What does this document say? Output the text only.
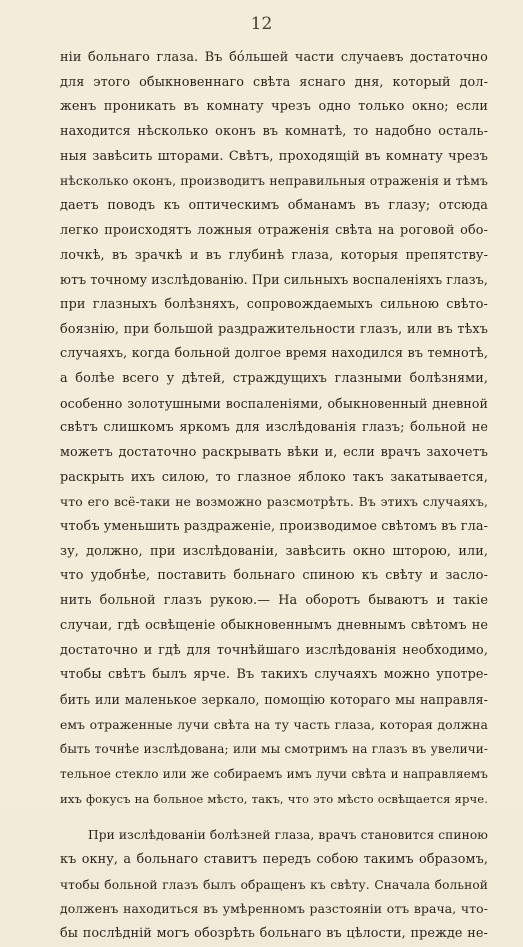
12
ніи больнаго глаза. Въ бóльшей части случаевъ достаточно
для этого обыкновеннаго свѣта яснаго дня, который дол-
женъ проникать въ комнату чрезъ одно только окно; если
находится нѣсколько оконъ въ комнатѣ, то надобно осталь-
ныя завѣсить шторами. Свѣтъ, проходящій въ комнату чрезъ
нѣсколько оконъ, производитъ неправильныя отраженія и тѣмъ
даетъ поводъ къ оптическимъ обманамъ въ глазу; отсюда
легко происходятъ ложныя отраженія свѣта на роговой обо-
лочкѣ, въ зрачкѣ и въ глубинѣ глаза, которыя препятству-
ютъ точному изслѣдованію. При сильныхъ воспаленіяхъ глазъ,
при глазныхъ болѣзняхъ, сопровождаемыхъ сильною свѣто-
боязнію, при большой раздражительности глазъ, или въ тѣхъ
случаяхъ, когда больной долгое время находился въ темнотѣ,
а болѣе всего у дѣтей, страждущихъ глазными болѣзнями,
особенно золотушными воспаленіями, обыкновенный дневной
свѣтъ слишкомъ яркомъ для изслѣдованія глазъ; больной не
можетъ достаточно раскрывать вѣки и, если врачъ захочетъ
раскрыть ихъ силою, то глазное яблоко такъ закатывается,
что его всё-таки не возможно разсмотрѣть. Въ этихъ случаяхъ,
чтобъ уменьшить раздраженіе, производимое свѣтомъ въ гла-
зу, должно, при изслѣдованіи, завѣсить окно шторою, или,
что удобнѣе, поставить больнаго спиною къ свѣту и засло-
нить больной глазъ рукою.— На оборотъ бываютъ и такіе
случаи, гдѣ освѣщеніе обыкновеннымъ дневнымъ свѣтомъ не
достаточно и гдѣ для точнѣйшаго изслѣдованія необходимо,
чтобы свѣтъ былъ ярче. Въ такихъ случаяхъ можно употре-
бить или маленькое зеркало, помощію котораго мы направля-
емъ отраженные лучи свѣта на ту часть глаза, которая должна
быть точнѣе изслѣдована; или мы смотримъ на глазъ въ увеличи-
тельное стекло или же собираемъ имъ лучи свѣта и направляемъ
ихъ фокусъ на больное мѣсто, такъ, что это мѣсто освѣщается ярче.
При изслѣдованіи болѣзней глаза, врачъ становится спиною
къ окну, а больнаго ставитъ передъ собою такимъ образомъ,
чтобы больной глазъ былъ обращенъ къ свѣту. Сначала больной
долженъ находиться въ умѣренномъ разстояніи отъ врача, что-
бы послѣдній могъ обозрѣть больнаго въ цѣлости, прежде не-
